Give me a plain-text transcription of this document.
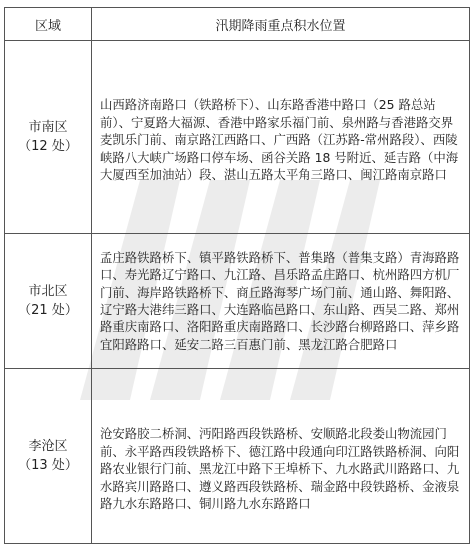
区域	汛期降雨重点积水位置

市南区
（12 处）	山西路济南路口（铁路桥下）、山东路香港中路口（25 路总站前）、宁夏路大福源、香港中路家乐福门前、泉州路与香港路交界麦凯乐门前、南京路江西路口、广西路（江苏路-常州路段）、西陵峡路八大峡广场路口停车场、函谷关路 18 号附近、延吉路（中海大厦西至加油站）段、湛山五路太平角三路口、闽江路南京路口

市北区
（21 处）	孟庄路铁路桥下、镇平路铁路桥下、普集路（普集支路）青海路路口、寿光路辽宁路口、九江路、昌乐路孟庄路口、杭州路四方机厂门前、海岸路铁路桥下、商丘路海琴广场门前、通山路、舞阳路、辽宁路大港纬三路口、大连路临邑路口、东山路、西吴二路、郑州路重庆南路口、洛阳路重庆南路路口、长沙路台柳路路口、萍乡路宜阳路路口、延安二路三百惠门前、黑龙江路合肥路口

李沧区
（13 处）	沧安路胶二桥洞、沔阳路西段铁路桥、安顺路北段娄山物流园门前、永平路西段铁路桥下、德江路中段通向印江路铁路桥洞、向阳路农业银行门前、黑龙江中路下王埠桥下、九水路武川路路口、九水路宾川路路口、遵义路西段铁路桥、瑞金路中段铁路桥、金液泉路九水东路路口、铜川路九水东路路口
